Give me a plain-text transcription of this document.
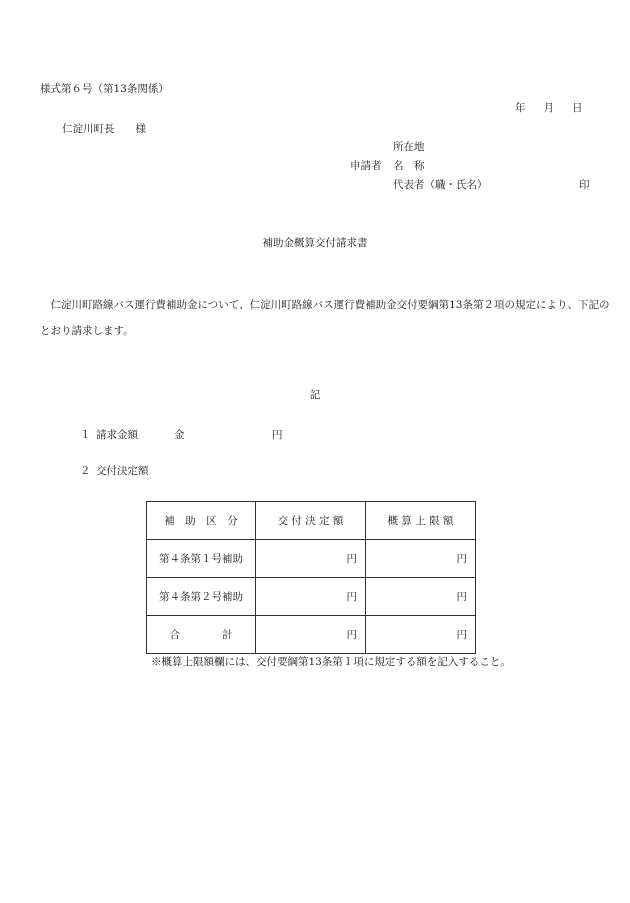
様式第６号（第13条関係）
年 月 日
仁淀川町長　　様
所在地
申請者 名　称
代表者（職・氏名）	印
補助金概算交付請求書
仁淀川町路線バス運行費補助金について、仁淀川町路線バス運行費補助金交付要綱第13条第２項の規定により、下記のとおり請求します。
記
１ 請求金額	金	円
２ 交付決定額
補　助　区　分	交 付 決 定 額	概 算 上 限 額
第４条第１号補助	円	円
第４条第２号補助	円	円
合　　　　計	円	円
※概算上限額欄には、交付要綱第13条第１項に規定する額を記入すること。
